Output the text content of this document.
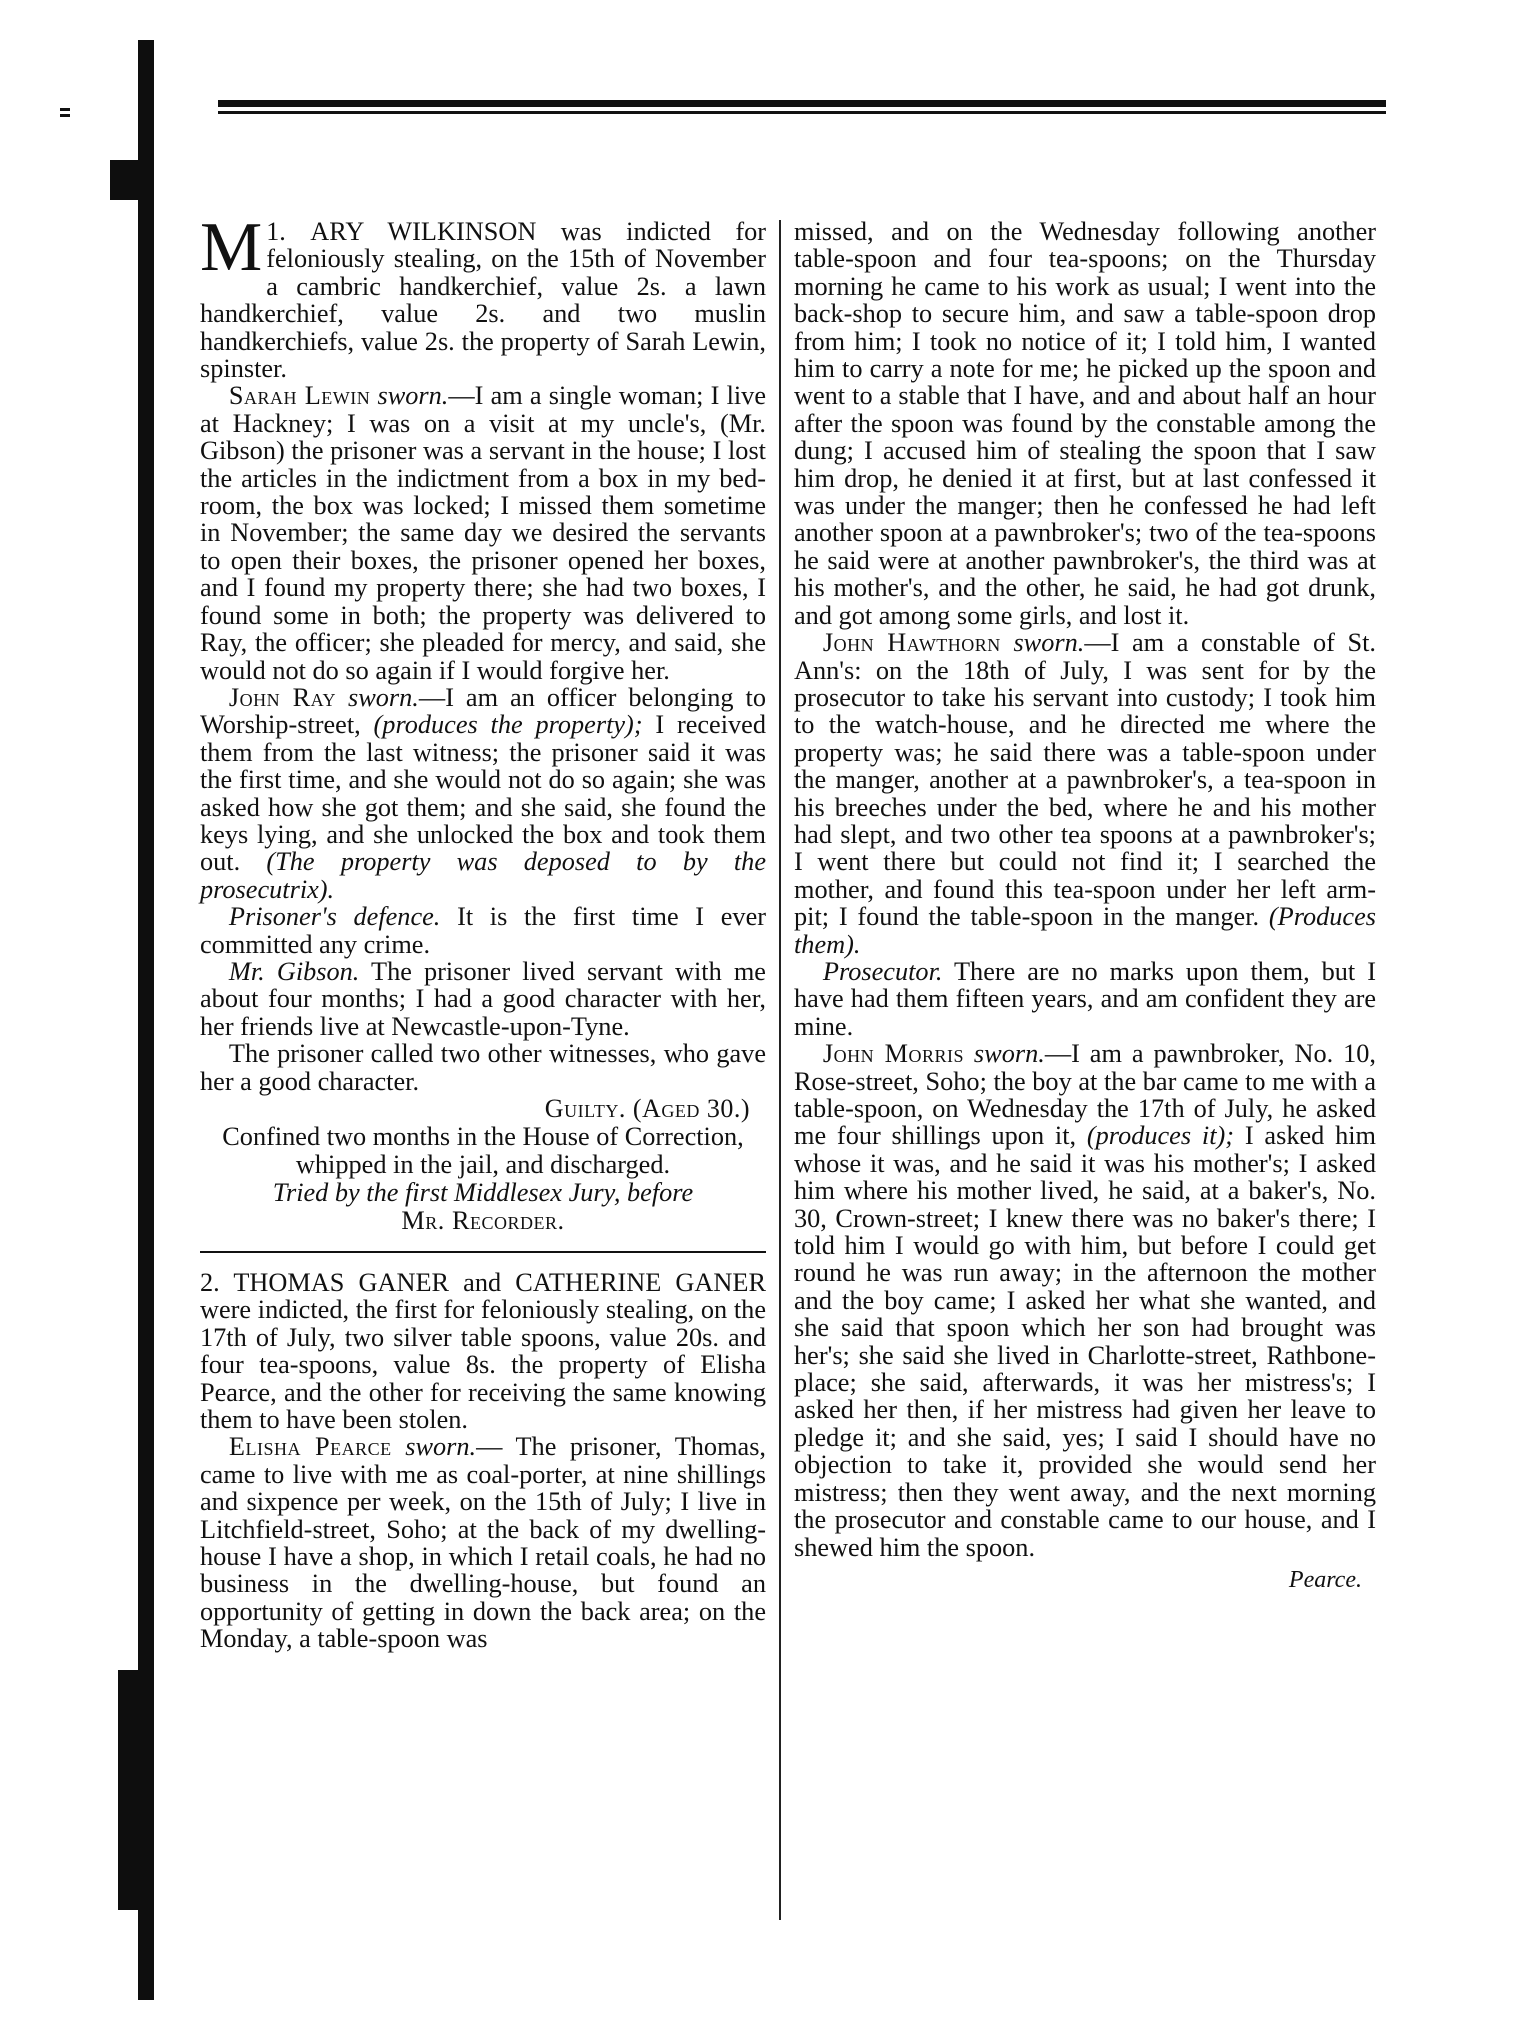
1.
M ARY WILKINSON was indicted for feloniously stealing, on the 15th of November a cambric handkerchief, value 2s. a lawn handkerchief, value 2s. and two muslin handkerchiefs, value 2s. the property of Sarah Lewin, spinster.

Sarah Lewin sworn.—I am a single woman; I live at Hackney; I was on a visit at my uncle's, (Mr. Gibson) the prisoner was a servant in the house; I lost the articles in the indictment from a box in my bed-room, the box was locked; I missed them sometime in November; the same day we desired the servants to open their boxes, the prisoner opened her boxes, and I found my property there; she had two boxes, I found some in both; the property was delivered to Ray, the officer; she pleaded for mercy, and said, she would not do so again if I would forgive her.

John Ray sworn.—I am an officer belonging to Worship-street, (produces the property); I received them from the last witness; the prisoner said it was the first time, and she would not do so again; she was asked how she got them; and she said, she found the keys lying, and she unlocked the box and took them out. (The property was deposed to by the prosecutrix).

Prisoner's defence. It is the first time I ever committed any crime.

Mr. Gibson. The prisoner lived servant with me about four months; I had a good character with her, her friends live at Newcastle-upon-Tyne.

The prisoner called two other witnesses, who gave her a good character.

Guilty. (Aged 30.)

Confined two months in the House of Correction, whipped in the jail, and discharged.

Tried by the first Middlesex Jury, before

Mr. Recorder.

2. THOMAS GANER and CATHERINE GANER were indicted, the first for feloniously stealing, on the 17th of July, two silver table spoons, value 20s. and four tea-spoons, value 8s. the property of Elisha Pearce, and the other for receiving the same knowing them to have been stolen.

Elisha Pearce sworn.— The prisoner, Thomas, came to live with me as coal-porter, at nine shillings and sixpence per week, on the 15th of July; I live in Litchfield-street, Soho; at the back of my dwelling-house I have a shop, in which I retail coals, he had no business in the dwelling-house, but found an opportunity of getting in down the back area; on the Monday, a table-spoon was

missed, and on the Wednesday following another table-spoon and four tea-spoons; on the Thursday morning he came to his work as usual; I went into the back-shop to secure him, and saw a table-spoon drop from him; I took no notice of it; I told him, I wanted him to carry a note for me; he picked up the spoon and went to a stable that I have, and and about half an hour after the spoon was found by the constable among the dung; I accused him of stealing the spoon that I saw him drop, he denied it at first, but at last confessed it was under the manger; then he confessed he had left another spoon at a pawnbroker's; two of the tea-spoons he said were at another pawnbroker's, the third was at his mother's, and the other, he said, he had got drunk, and got among some girls, and lost it.

John Hawthorn sworn.—I am a constable of St. Ann's: on the 18th of July, I was sent for by the prosecutor to take his servant into custody; I took him to the watch-house, and he directed me where the property was; he said there was a table-spoon under the manger, another at a pawnbroker's, a tea-spoon in his breeches under the bed, where he and his mother had slept, and two other tea spoons at a pawnbroker's; I went there but could not find it; I searched the mother, and found this tea-spoon under her left arm-pit; I found the table-spoon in the manger. (Produces them).

Prosecutor. There are no marks upon them, but I have had them fifteen years, and am confident they are mine.

John Morris sworn.—I am a pawnbroker, No. 10, Rose-street, Soho; the boy at the bar came to me with a table-spoon, on Wednesday the 17th of July, he asked me four shillings upon it, (produces it); I asked him whose it was, and he said it was his mother's; I asked him where his mother lived, he said, at a baker's, No. 30, Crown-street; I knew there was no baker's there; I told him I would go with him, but before I could get round he was run away; in the afternoon the mother and the boy came; I asked her what she wanted, and she said that spoon which her son had brought was her's; she said she lived in Charlotte-street, Rathbone-place; she said, afterwards, it was her mistress's; I asked her then, if her mistress had given her leave to pledge it; and she said, yes; I said I should have no objection to take it, provided she would send her mistress; then they went away, and the next morning the prosecutor and constable came to our house, and I shewed him the spoon.

Pearce.
